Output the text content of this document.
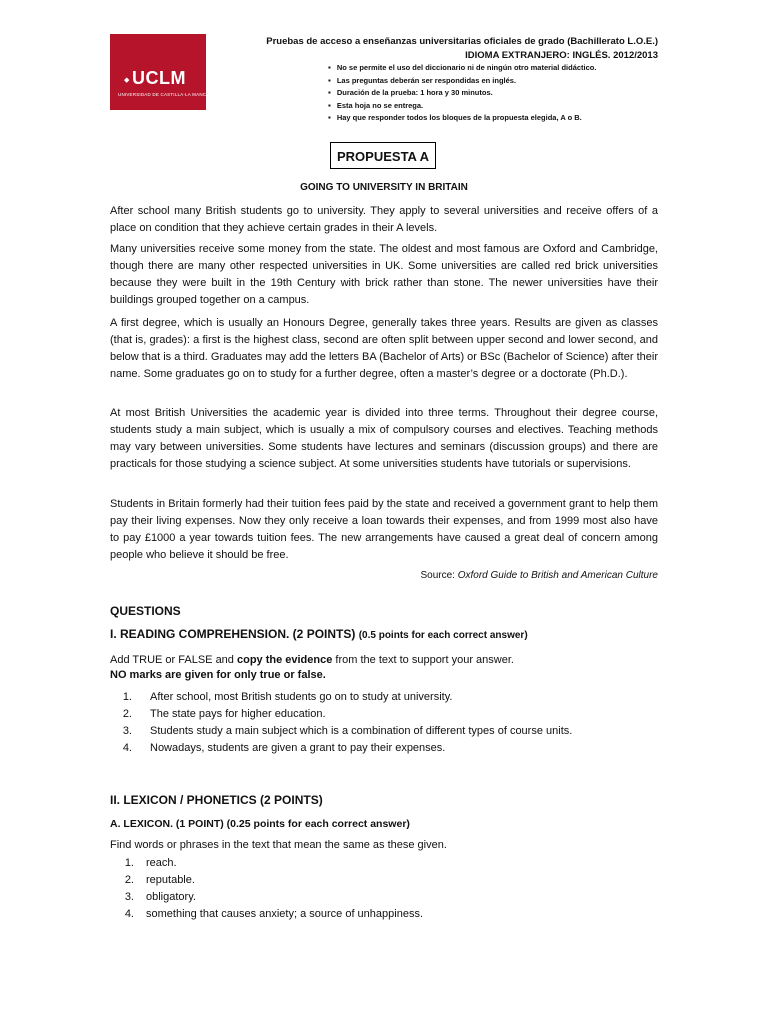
◆ UCLM
UNIVERSIDAD DE CASTILLA-LA MANCHA
Pruebas de acceso a enseñanzas universitarias oficiales de grado (Bachillerato L.O.E.)
IDIOMA EXTRANJERO: INGLÉS. 2012/2013
▪ No se permite el uso del diccionario ni de ningún otro material didáctico.
▪ Las preguntas deberán ser respondidas en inglés.
▪ Duración de la prueba: 1 hora y 30 minutos.
▪ Esta hoja no se entrega.
▪ Hay que responder todos los bloques de la propuesta elegida, A o B.
PROPUESTA A
GOING TO UNIVERSITY IN BRITAIN

After school many British students go to university. They apply to several universities and receive offers of a place on condition that they achieve certain grades in their A levels.

Many universities receive some money from the state. The oldest and most famous are Oxford and Cambridge, though there are many other respected universities in UK. Some universities are called red brick universities because they were built in the 19th Century with brick rather than stone. The newer universities have their buildings grouped together on a campus.

A first degree, which is usually an Honours Degree, generally takes three years. Results are given as classes (that is, grades): a first is the highest class, second are often split between upper second and lower second, and below that is a third. Graduates may add the letters BA (Bachelor of Arts) or BSc (Bachelor of Science) after their name. Some graduates go on to study for a further degree, often a master’s degree or a doctorate (Ph.D.).

At most British Universities the academic year is divided into three terms. Throughout their degree course, students study a main subject, which is usually a mix of compulsory courses and electives. Teaching methods may vary between universities. Some students have lectures and seminars (discussion groups) and there are practicals for those studying a science subject. At some universities students have tutorials or supervisions.

Students in Britain formerly had their tuition fees paid by the state and received a government grant to help them pay their living expenses. Now they only receive a loan towards their expenses, and from 1999 most also have to pay £1000 a year towards tuition fees. The new arrangements have caused a great deal of concern among people who believe it should be free.

Source: Oxford Guide to British and American Culture
QUESTIONS
I. READING COMPREHENSION. (2 POINTS) (0.5 points for each correct answer)
Add TRUE or FALSE and copy the evidence from the text to support your answer.
NO marks are given for only true or false.
1. After school, most British students go on to study at university.
2. The state pays for higher education.
3. Students study a main subject which is a combination of different types of course units.
4. Nowadays, students are given a grant to pay their expenses.
II. LEXICON / PHONETICS (2 POINTS)
A. LEXICON. (1 POINT) (0.25 points for each correct answer)
Find words or phrases in the text that mean the same as these given.
1. reach.
2. reputable.
3. obligatory.
4. something that causes anxiety; a source of unhappiness.
